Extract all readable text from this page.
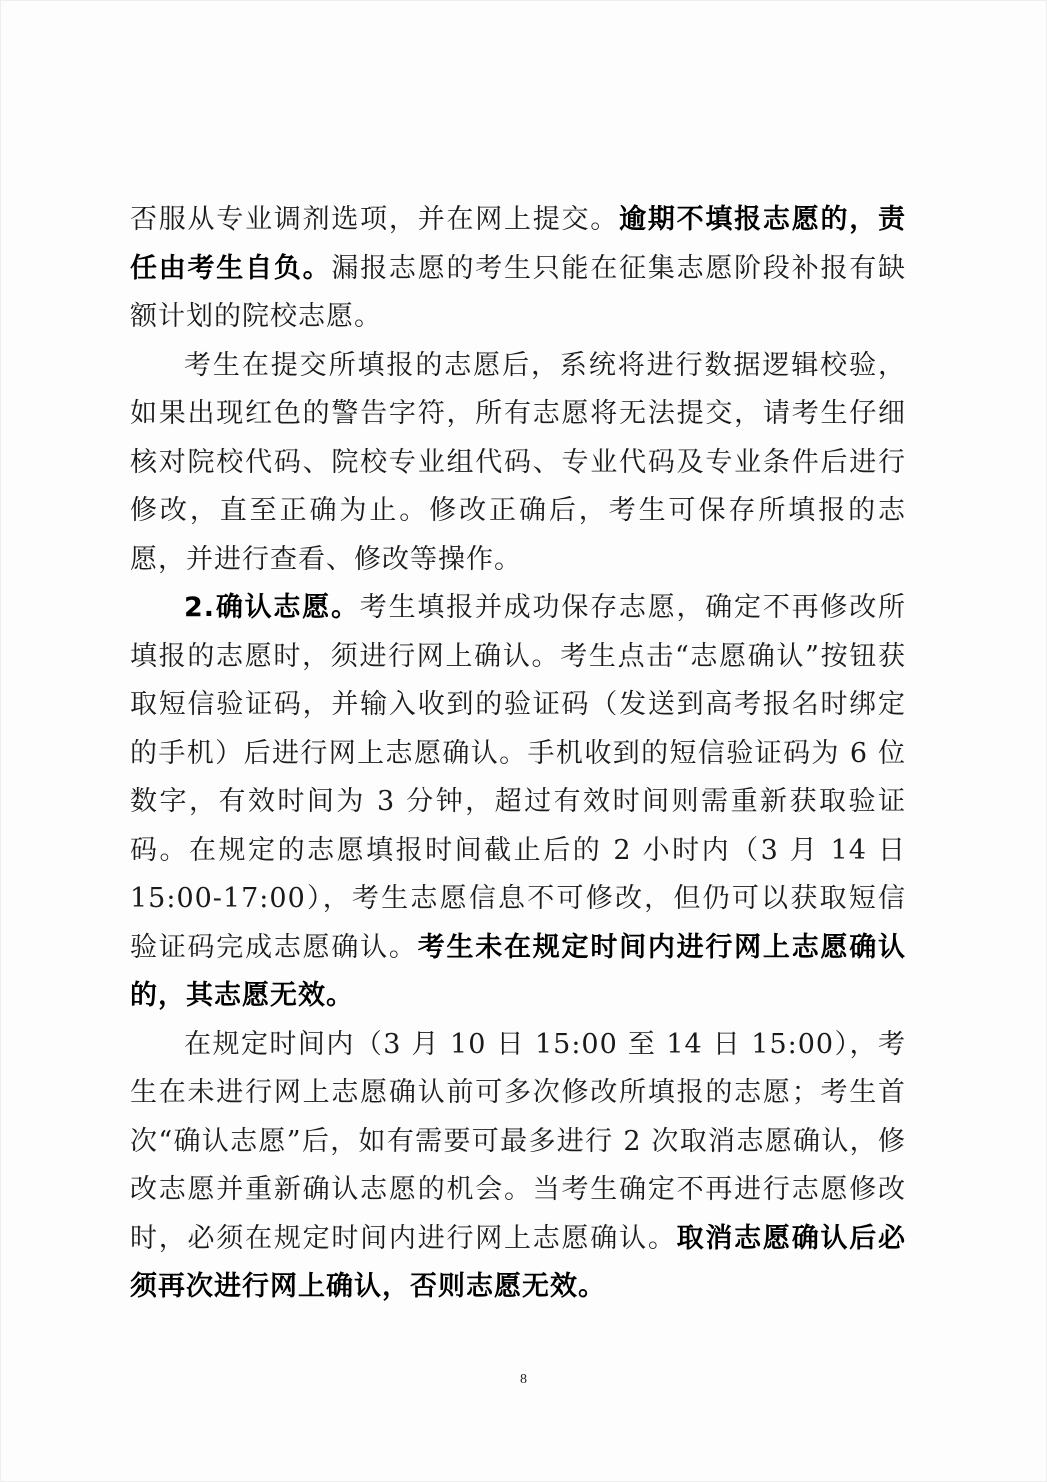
否服从专业调剂选项，并在网上提交。逾期不填报志愿的，责任由考生自负。漏报志愿的考生只能在征集志愿阶段补报有缺额计划的院校志愿。

考生在提交所填报的志愿后，系统将进行数据逻辑校验，如果出现红色的警告字符，所有志愿将无法提交，请考生仔细核对院校代码、院校专业组代码、专业代码及专业条件后进行修改，直至正确为止。修改正确后，考生可保存所填报的志愿，并进行查看、修改等操作。

2.确认志愿。考生填报并成功保存志愿，确定不再修改所填报的志愿时，须进行网上确认。考生点击“志愿确认”按钮获取短信验证码，并输入收到的验证码（发送到高考报名时绑定的手机）后进行网上志愿确认。手机收到的短信验证码为 6 位数字，有效时间为 3 分钟，超过有效时间则需重新获取验证码。在规定的志愿填报时间截止后的 2 小时内（3 月 14 日 15:00-17:00），考生志愿信息不可修改，但仍可以获取短信验证码完成志愿确认。考生未在规定时间内进行网上志愿确认的，其志愿无效。

在规定时间内（3 月 10 日 15:00 至 14 日 15:00），考生在未进行网上志愿确认前可多次修改所填报的志愿；考生首次“确认志愿”后，如有需要可最多进行 2 次取消志愿确认，修改志愿并重新确认志愿的机会。当考生确定不再进行志愿修改时，必须在规定时间内进行网上志愿确认。取消志愿确认后必须再次进行网上确认，否则志愿无效。

8
